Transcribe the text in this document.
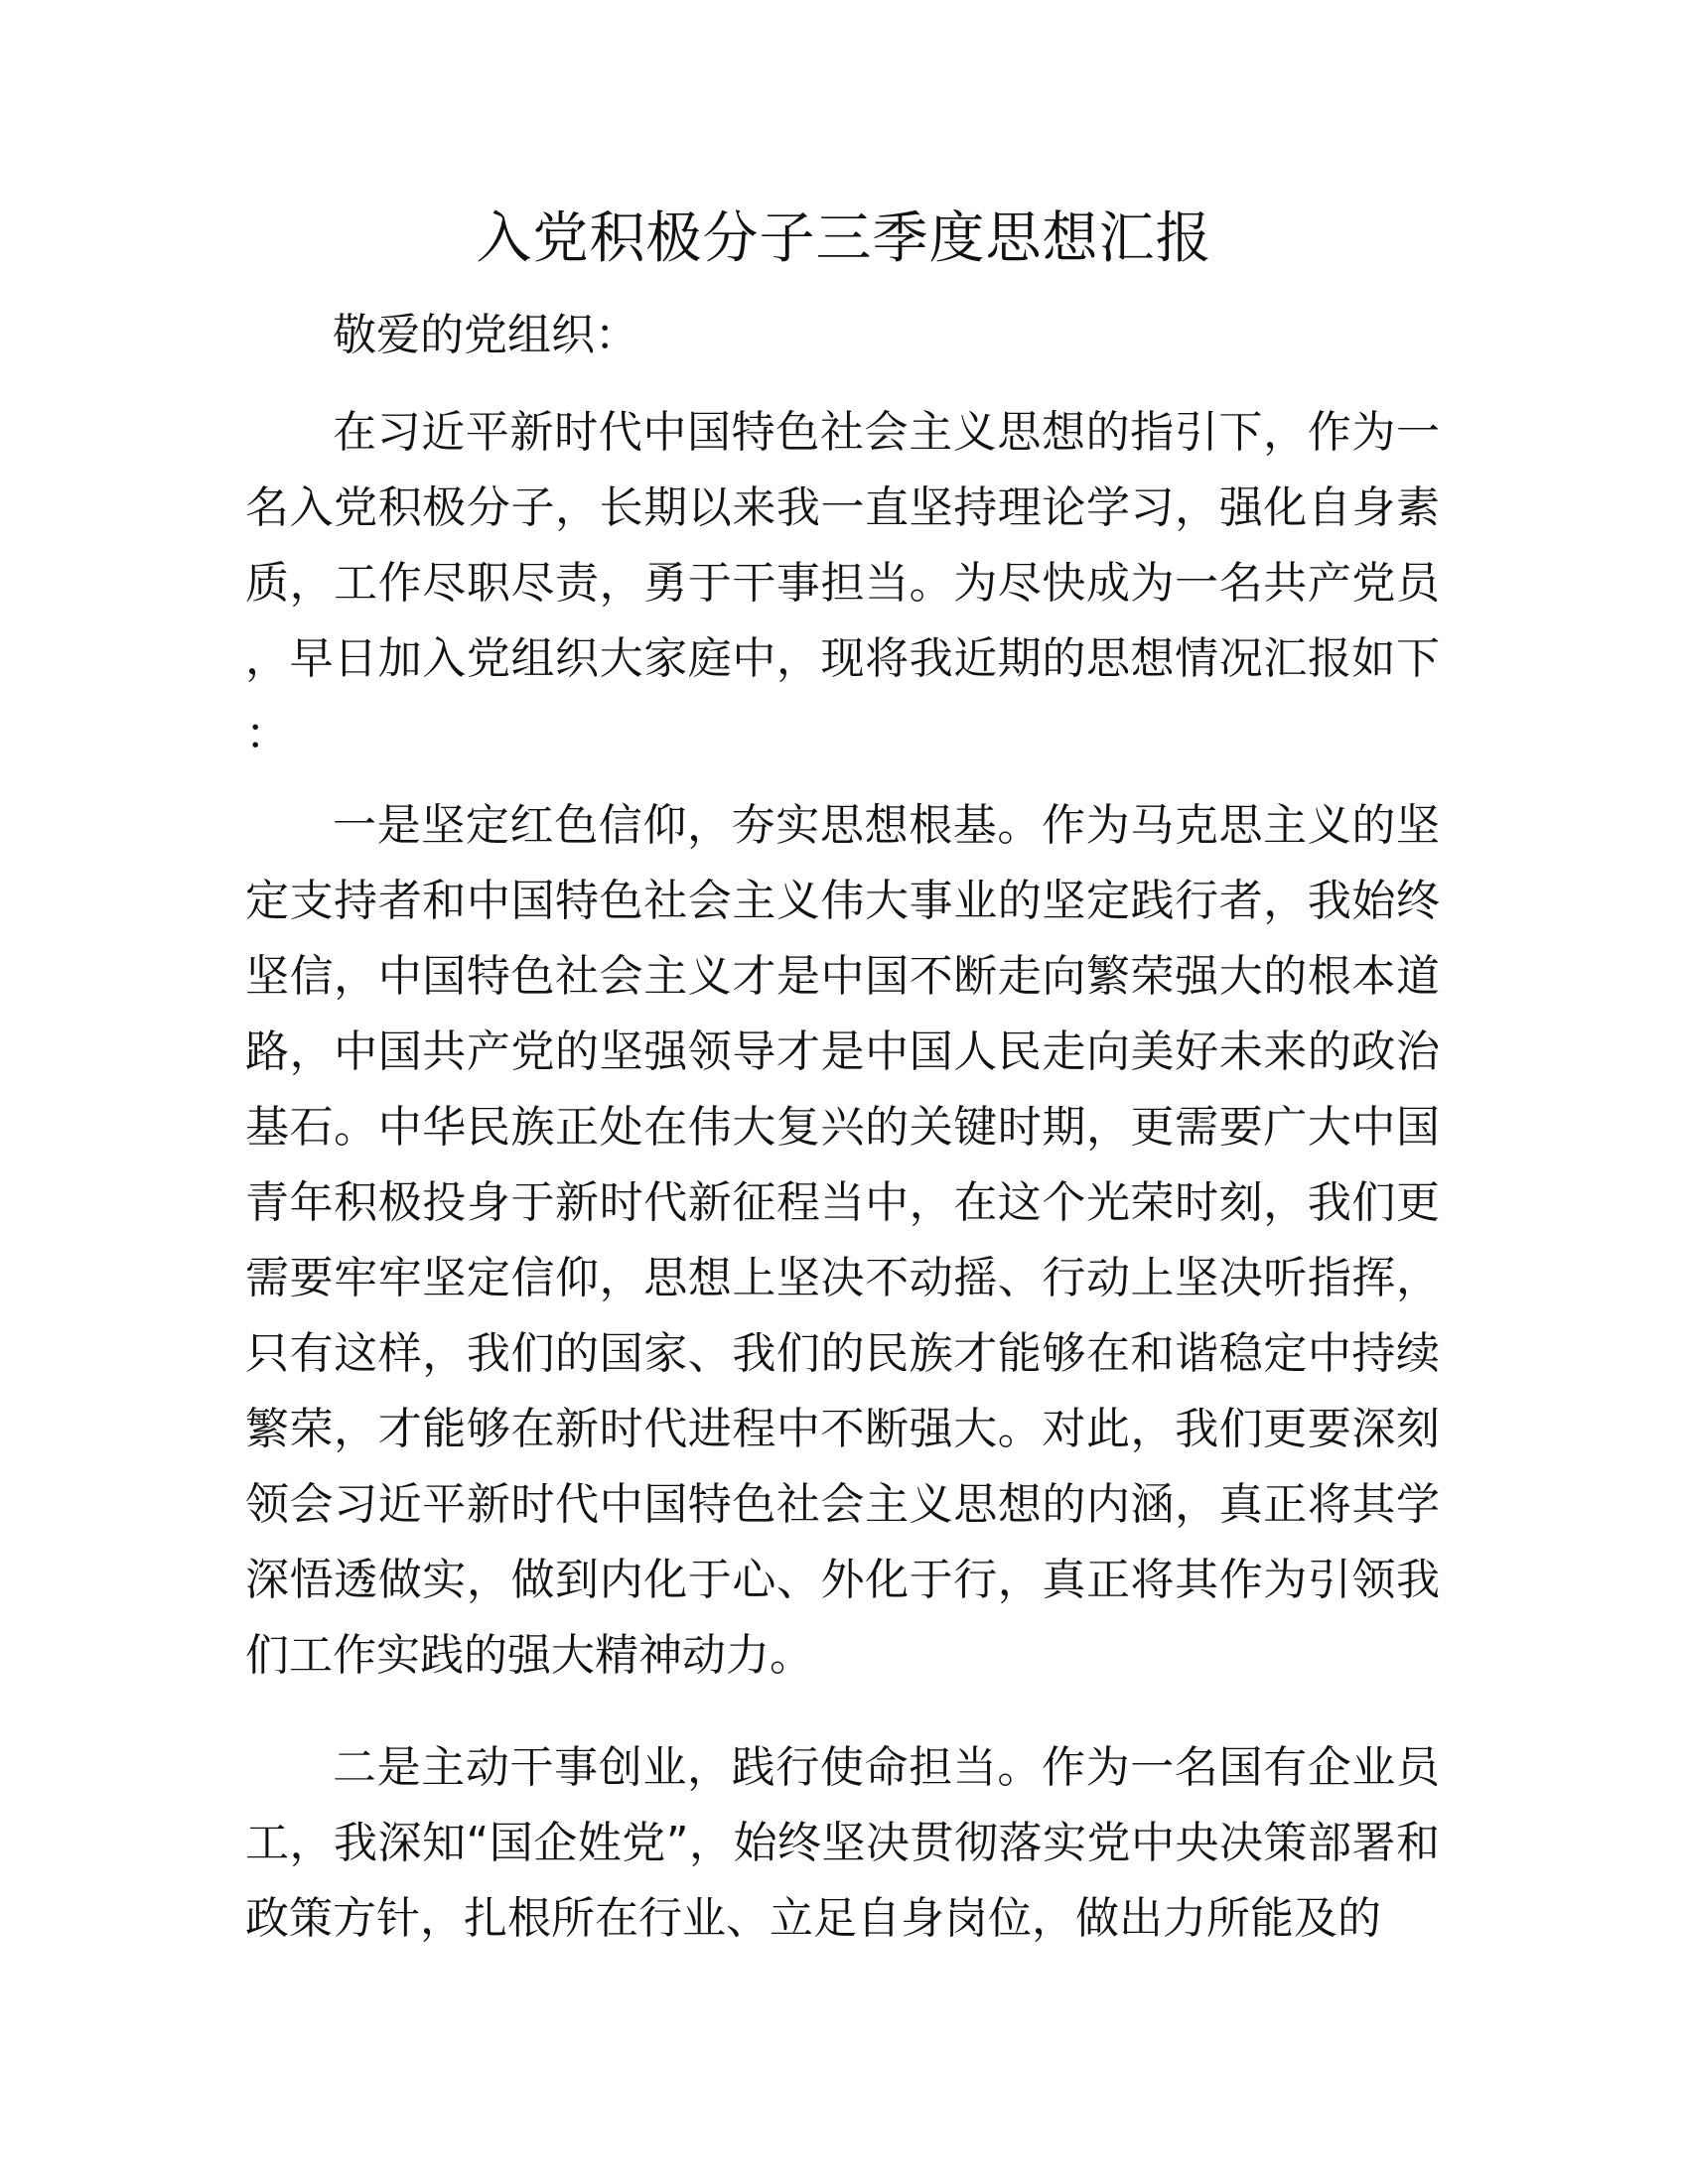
入党积极分子三季度思想汇报

敬爱的党组织：

在习近平新时代中国特色社会主义思想的指引下，作为一名入党积极分子，长期以来我一直坚持理论学习，强化自身素质，工作尽职尽责，勇于干事担当。为尽快成为一名共产党员，早日加入党组织大家庭中，现将我近期的思想情况汇报如下：

一是坚定红色信仰，夯实思想根基。作为马克思主义的坚定支持者和中国特色社会主义伟大事业的坚定践行者，我始终坚信，中国特色社会主义才是中国不断走向繁荣强大的根本道路，中国共产党的坚强领导才是中国人民走向美好未来的政治基石。中华民族正处在伟大复兴的关键时期，更需要广大中国青年积极投身于新时代新征程当中，在这个光荣时刻，我们更需要牢牢坚定信仰，思想上坚决不动摇、行动上坚决听指挥，只有这样，我们的国家、我们的民族才能够在和谐稳定中持续繁荣，才能够在新时代进程中不断强大。对此，我们更要深刻领会习近平新时代中国特色社会主义思想的内涵，真正将其学深悟透做实，做到内化于心、外化于行，真正将其作为引领我们工作实践的强大精神动力。

二是主动干事创业，践行使命担当。作为一名国有企业员工，我深知“国企姓党”，始终坚决贯彻落实党中央决策部署和政策方针，扎根所在行业、立足自身岗位，做出力所能及的
